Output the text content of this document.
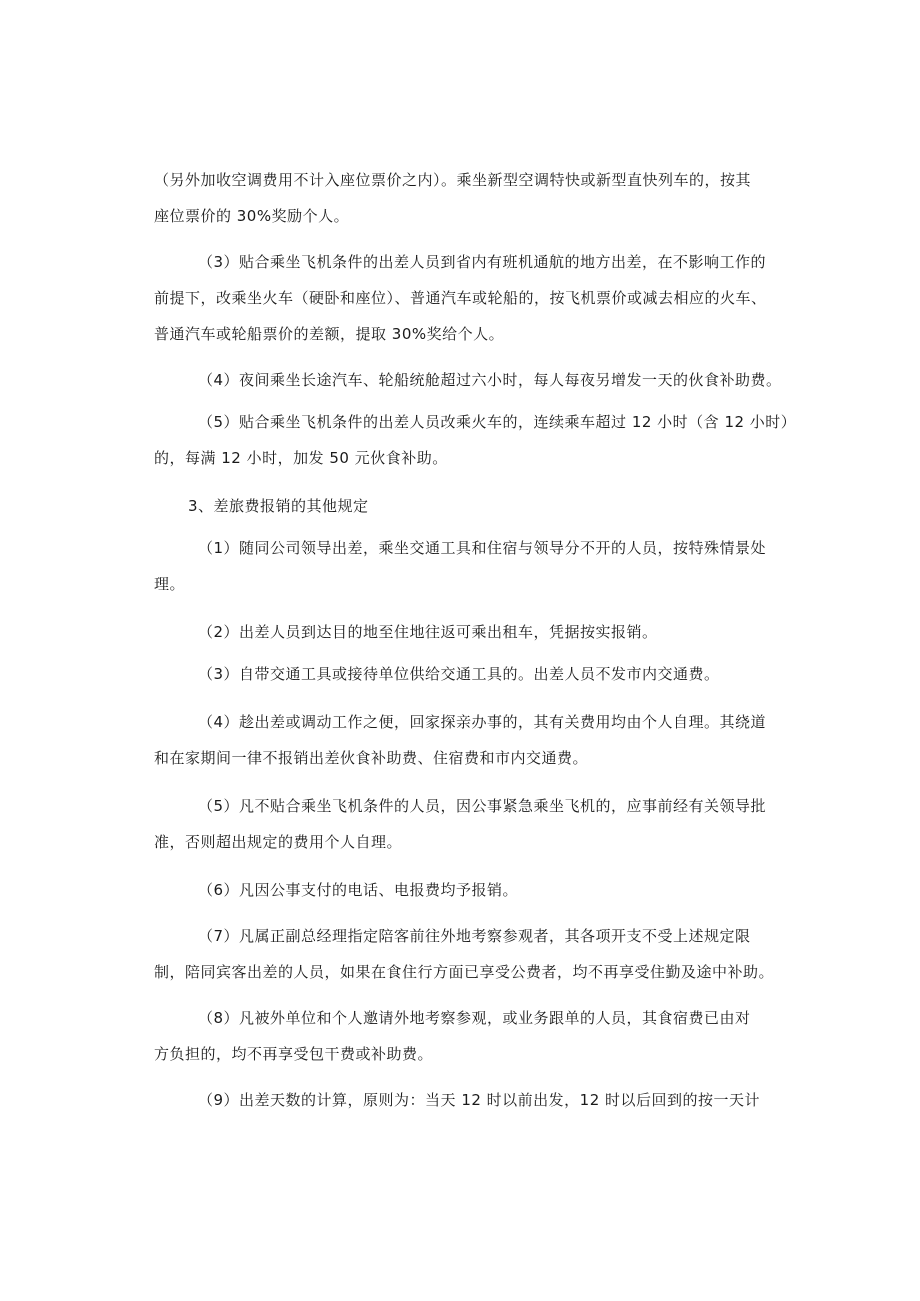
（另外加收空调费用不计入座位票价之内）。乘坐新型空调特快或新型直快列车的，按其
座位票价的 30%奖励个人。
（3）贴合乘坐飞机条件的出差人员到省内有班机通航的地方出差，在不影响工作的
前提下，改乘坐火车（硬卧和座位）、普通汽车或轮船的，按飞机票价或减去相应的火车、
普通汽车或轮船票价的差额，提取 30%奖给个人。
（4）夜间乘坐长途汽车、轮船统舱超过六小时，每人每夜另增发一天的伙食补助费。
（5）贴合乘坐飞机条件的出差人员改乘火车的，连续乘车超过 12 小时（含 12 小时）
的，每满 12 小时，加发 50 元伙食补助。
3、差旅费报销的其他规定
（1）随同公司领导出差，乘坐交通工具和住宿与领导分不开的人员，按特殊情景处
理。
（2）出差人员到达目的地至住地往返可乘出租车，凭据按实报销。
（3）自带交通工具或接待单位供给交通工具的。出差人员不发市内交通费。
（4）趁出差或调动工作之便，回家探亲办事的，其有关费用均由个人自理。其绕道
和在家期间一律不报销出差伙食补助费、住宿费和市内交通费。
（5）凡不贴合乘坐飞机条件的人员，因公事紧急乘坐飞机的，应事前经有关领导批
准，否则超出规定的费用个人自理。
（6）凡因公事支付的电话、电报费均予报销。
（7）凡属正副总经理指定陪客前往外地考察参观者，其各项开支不受上述规定限
制，陪同宾客出差的人员，如果在食住行方面已享受公费者，均不再享受住勤及途中补助。
（8）凡被外单位和个人邀请外地考察参观，或业务跟单的人员，其食宿费已由对
方负担的，均不再享受包干费或补助费。
（9）出差天数的计算，原则为：当天 12 时以前出发，12 时以后回到的按一天计
